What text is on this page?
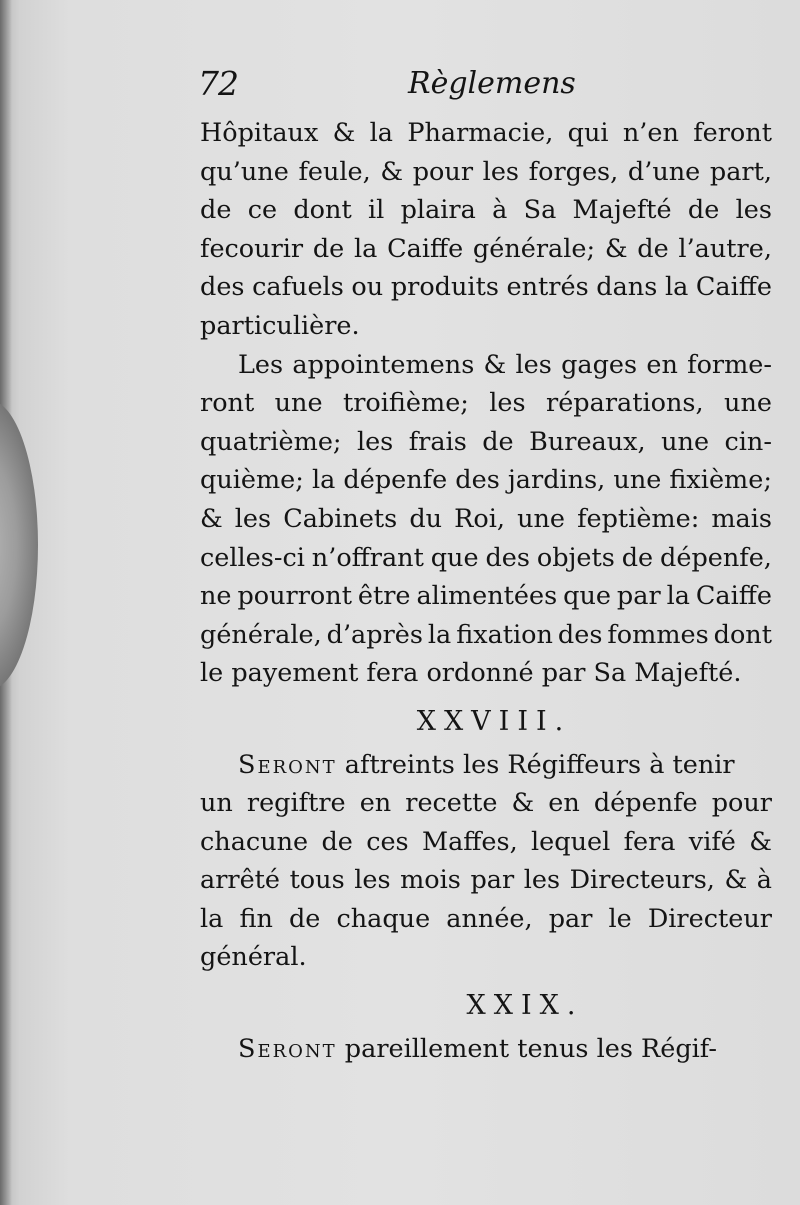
72	Règlemens
Hôpitaux & la Pharmacie, qui n’en feront
qu’une feule, & pour les forges, d’une part,
de ce dont il plaira à Sa Majefté de les
fecourir de la Caiffe générale; & de l’autre,
des cafuels ou produits entrés dans la Caiffe
particulière.
Les appointemens & les gages en forme-
ront une troifième; les réparations, une
quatrième; les frais de Bureaux, une cin-
quième; la dépenfe des jardins, une fixième;
& les Cabinets du Roi, une feptième: mais
celles-ci n’offrant que des objets de dépenfe,
ne pourront être alimentées que par la Caiffe
générale, d’après la fixation des fommes dont
le payement fera ordonné par Sa Majefté.
XXVIII.
Seront aftreints les Régiffeurs à tenir
un regiftre en recette & en dépenfe pour
chacune de ces Maffes, lequel fera vifé &
arrêté tous les mois par les Directeurs, & à
la fin de chaque année, par le Directeur
général.
XXIX.
Seront pareillement tenus les Régif-
